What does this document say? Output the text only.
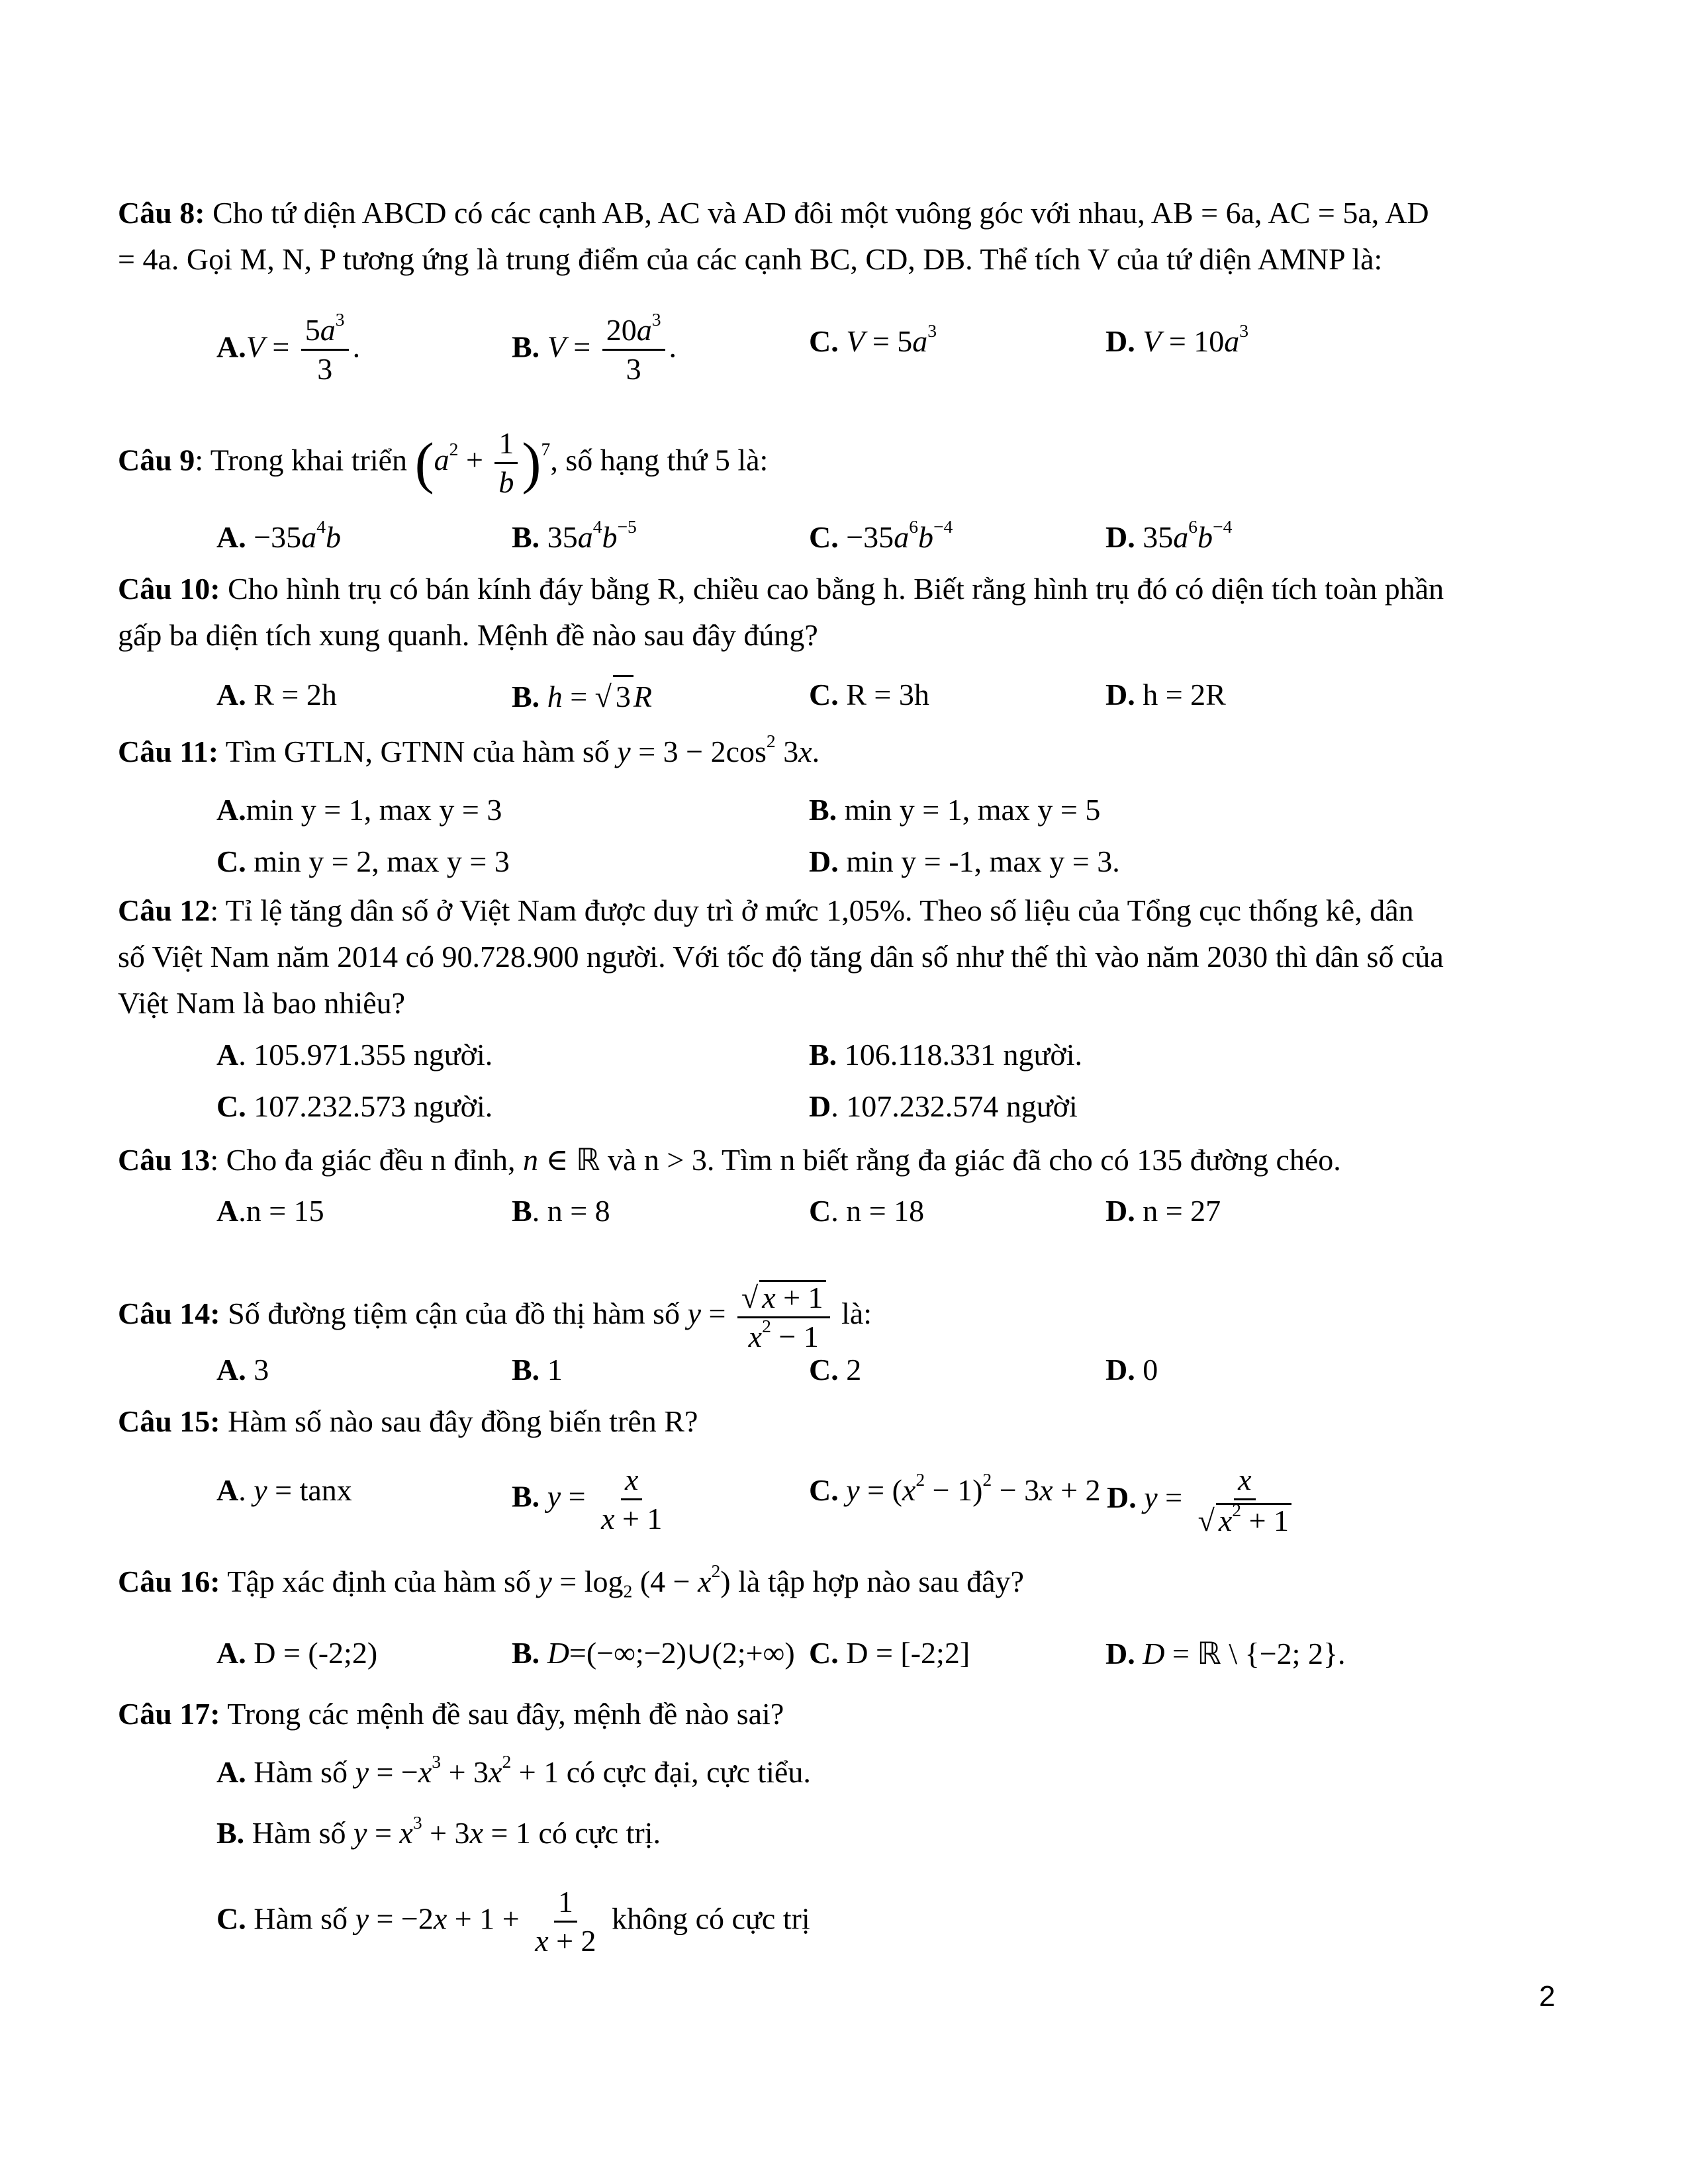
Câu 8: Cho tứ diện ABCD có các cạnh AB, AC và AD đôi một vuông góc với nhau, AB = 6a, AC = 5a, AD
= 4a. Gọi M, N, P tương ứng là trung điểm của các cạnh BC, CD, DB. Thể tích V của tứ diện AMNP là:
$A.V = \frac{5a^3}{3}$ .	B. $V = \frac{20a^3}{3}$ .	C. $V = 5a^3$	D. $V = 10a^3$
Câu 9: Trong khai triển $(a^2 + \frac{1}{b} )^7$, số hạng thứ 5 là:
A. $-35a^4b$	B. $35a^4b^{-5}$	C. $-35a^6b^{-4}$	D. $35a^6b^{-4}$
Câu 10: Cho hình trụ có bán kính đáy bằng R, chiều cao bằng h. Biết rằng hình trụ đó có diện tích toàn phần
gấp ba diện tích xung quanh. Mệnh đề nào sau đây đúng?
A. R = 2h	B. h = √ 3R	C. R = 3h	D. h = 2R
Câu 11: Tìm GTLN, GTNN của hàm số $y = 3 - 2\cos^2$ 3x.
A.min y = 1, max y = 3	B. min y = 1, max y = 5
C. min y = 2, max y = 3	D. min y = -1, max y = 3.
Câu 12: Tỉ lệ tăng dân số ở Việt Nam được duy trì ở mức 1,05%. Theo số liệu của Tổng cục thống kê, dân
số Việt Nam năm 2014 có 90.728.900 người. Với tốc độ tăng dân số như thế thì vào năm 2030 thì dân số của
Việt Nam là bao nhiêu?
A. 105.971.355 người.	B. 106.118.331 người.
C. 107.232.573 người.	D. 107.232.574 người
Câu 13: Cho đa giác đều n đỉnh, n ∈ ℝ và n > 3. Tìm n biết rằng đa giác đã cho có 135 đường chéo.
A.n = 15	B. n = 8	C. n = 18	D. n = 27
Câu 14: Số đường tiệm cận của đồ thị hàm số $y = \frac{√ x + 1}{x^2 - 1}$ là:
A. 3	B. 1	C. 2	D. 0
Câu 15: Hàm số nào sau đây đồng biến trên R?
A. y = tanx	B. $y = \frac{x}{x + 1}$	C. $y = (x^2 - 1)^2 - 3x + 2$ D. $y = \frac{x}{√ x^2 + 1}$
Câu 16: Tập xác định của hàm số $y = \log_2 (4 - x^2)$ là tập hợp nào sau đây?
A. D = (-2;2)	B. D=(−∞;−2)∪(2;+∞) C. D = [-2;2]	D. D = ℝ \ {−2; 2}.
Câu 17: Trong các mệnh đề sau đây, mệnh đề nào sai?
A. Hàm số $y = -x^3 + 3x^2 + 1$ có cực đại, cực tiểu.
B. Hàm số $y = x^3 + 3x = 1$ có cực trị.
C. Hàm số $y = -2x + 1 + \frac{1}{x + 2}$ không có cực trị
2
